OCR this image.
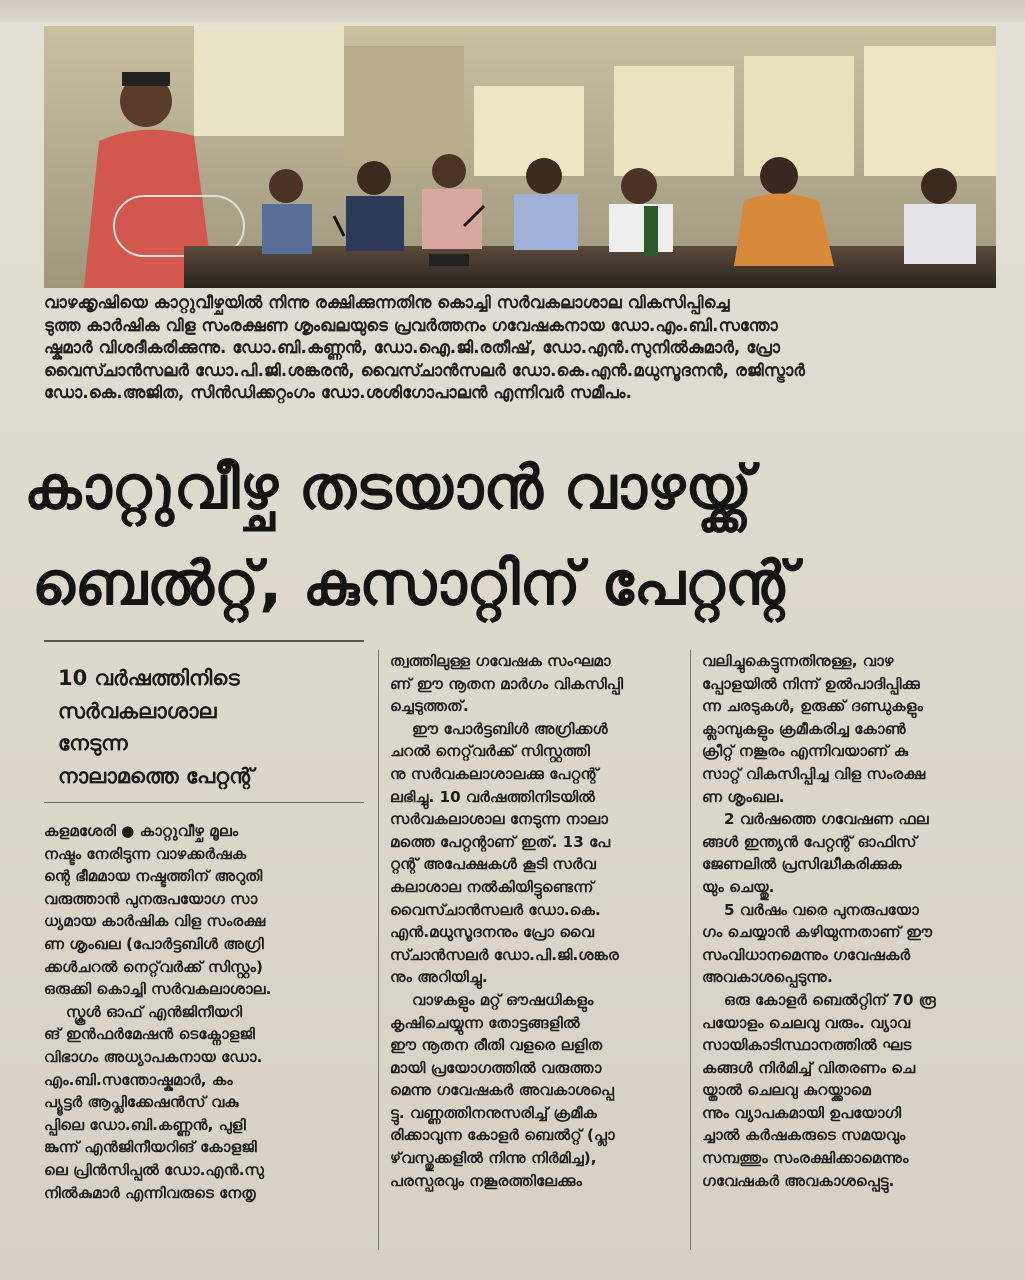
വാഴക്കൃഷിയെ കാറ്റുവീഴ്ചയിൽ നിന്നു രക്ഷിക്കുന്നതിനു കൊച്ചി സർവകലാശാല വികസിപ്പിച്ചെ
ടുത്ത കാർഷിക വിള സംരക്ഷണ ശൃംഖലയുടെ പ്രവർത്തനം ഗവേഷകനായ ഡോ.എം.ബി.സന്തോ
ഷ്കുമാർ വിശദീകരിക്കുന്നു. ഡോ.ബി.കണ്ണൻ, ഡോ.ഐ.ജി.രതീഷ്, ഡോ.എൻ.സുനിൽകുമാർ, പ്രോ
വൈസ്ചാൻസലർ ഡോ.പി.ജി.ശങ്കരൻ, വൈസ്ചാൻസലർ ഡോ.കെ.എൻ.മധുസൂദനൻ, രജിസ്ട്രാർ
ഡോ.കെ.അജിത, സിൻഡിക്കറ്റംഗം ഡോ.ശശിഗോപാലൻ എന്നിവർ സമീപം.
കാറ്റുവീഴ്ച തടയാൻ വാഴയ്ക്ക്
ബെൽറ്റ്, കുസാറ്റിന് പേറ്റന്റ്
10 വർഷത്തിനിടെ
സർവകലാശാല
നേടുന്ന
നാലാമത്തെ പേറ്റന്റ്
കളമശേരി ● കാറ്റുവീഴ്ച മൂലം
നഷ്ടം നേരിടുന്ന വാഴക്കർഷക
ന്റെ ഭീമമായ നഷ്ടത്തിന് അറുതി
വരുത്താൻ പുനരുപയോഗ സാ
ധ്യമായ കാർഷിക വിള സംരക്ഷ
ണ ശൃംഖല (പോർട്ടബിൾ അഗ്രി
ക്കൾചറൽ നെറ്റ്‌വർക്ക് സിസ്റ്റം)
ഒരുക്കി കൊച്ചി സർവകലാശാല.
സ്കൂൾ ഓഫ് എൻജിനീയറി
ങ് ഇൻഫർമേഷൻ ടെക്നോളജി
വിഭാഗം അധ്യാപകനായ ഡോ.
എം.ബി.സന്തോഷ്കുമാർ, കം
പ്യൂട്ടർ ആപ്ലിക്കേഷൻസ് വകു
പ്പിലെ ഡോ.ബി.കണ്ണൻ, പുളി
ങ്കുന്ന് എൻജിനീയറിങ് കോളജി
ലെ പ്രിൻസിപ്പൽ ഡോ.എൻ.സു
നിൽകുമാർ എന്നിവരുടെ നേതൃ
ത്വത്തിലുള്ള ഗവേഷക സംഘമാ
ണ് ഈ നൂതന മാർഗം വികസിപ്പി
ച്ചെടുത്തത്.
ഈ പോർട്ടബിൾ അഗ്രിക്കൾ
ചറൽ നെറ്റ്‌വർക്ക് സിസ്റ്റത്തി
നു സർവകലാശാലക്കു പേറ്റന്റ്
ലഭിച്ചു. 10 വർഷത്തിനിടയിൽ
സർവകലാശാല നേടുന്ന നാലാ
മത്തെ പേറ്റന്റാണ് ഇത്. 13 പേ
റ്റന്റ് അപേക്ഷകൾ കൂടി സർവ
കലാശാല നൽകിയിട്ടുണ്ടെന്ന്
വൈസ്ചാൻസലർ ഡോ.കെ.
എൻ.മധുസൂദനനും പ്രോ വൈ
സ്ചാൻസലർ ഡോ.പി.ജി.ശങ്കര
നും അറിയിച്ചു.
വാഴകളും മറ്റ് ഔഷധികളും
കൃഷിചെയ്യുന്ന തോട്ടങ്ങളിൽ
ഈ നൂതന രീതി വളരെ ലളിത
മായി പ്രയോഗത്തിൽ വരുത്താ
മെന്നു ഗവേഷകർ അവകാശപ്പെ
ട്ടു. വണ്ണത്തിനനുസരിച്ച് ക്രമീക
രിക്കാവുന്ന കോളർ ബെൽറ്റ് (പ്ലാ
ഴ്‌വസ്തുക്കളിൽ നിന്നു നിർമിച്ച),
പരസ്പരവും നങ്കൂരത്തിലേക്കും
വലിച്ചുകെട്ടുന്നതിനുള്ള, വാഴ
പ്പോളയിൽ നിന്ന് ഉൽപാദിപ്പിക്കു
ന്ന ചരടുകൾ, ഉരുക്ക് ദണ്ഡുകളും
ക്ലാമ്പുകളും ക്രമീകരിച്ച കോൺ
ക്രീറ്റ് നങ്കൂരം എന്നിവയാണ് കു
സാറ്റ് വികസിപ്പിച്ച വിള സംരക്ഷ
ണ ശൃംഖല.
2 വർഷത്തെ ഗവേഷണ ഫല
ങ്ങൾ ഇന്ത്യൻ പേറ്റന്റ് ഓഫിസ്
ജേണലിൽ പ്രസിദ്ധീകരിക്കുക
യും ചെയ്തു.
5 വർഷം വരെ പുനരുപയോ
ഗം ചെയ്യാൻ കഴിയുന്നതാണ് ഈ
സംവിധാനമെന്നും ഗവേഷകർ
അവകാശപ്പെടുന്നു.
ഒരു കോളർ ബെൽറ്റിന് 70 രൂ
പയോളം ചെലവു വരും. വ്യാവ
സായികാടിസ്ഥാനത്തിൽ ഘട
കങ്ങൾ നിർമിച്ച് വിതരണം ചെ
യ്താൽ ചെലവു കുറയ്ക്കാമെ
ന്നും വ്യാപകമായി ഉപയോഗി
ച്ചാൽ കർഷകരുടെ സമയവും
സമ്പത്തും സംരക്ഷിക്കാമെന്നും
ഗവേഷകർ അവകാശപ്പെട്ടു.
